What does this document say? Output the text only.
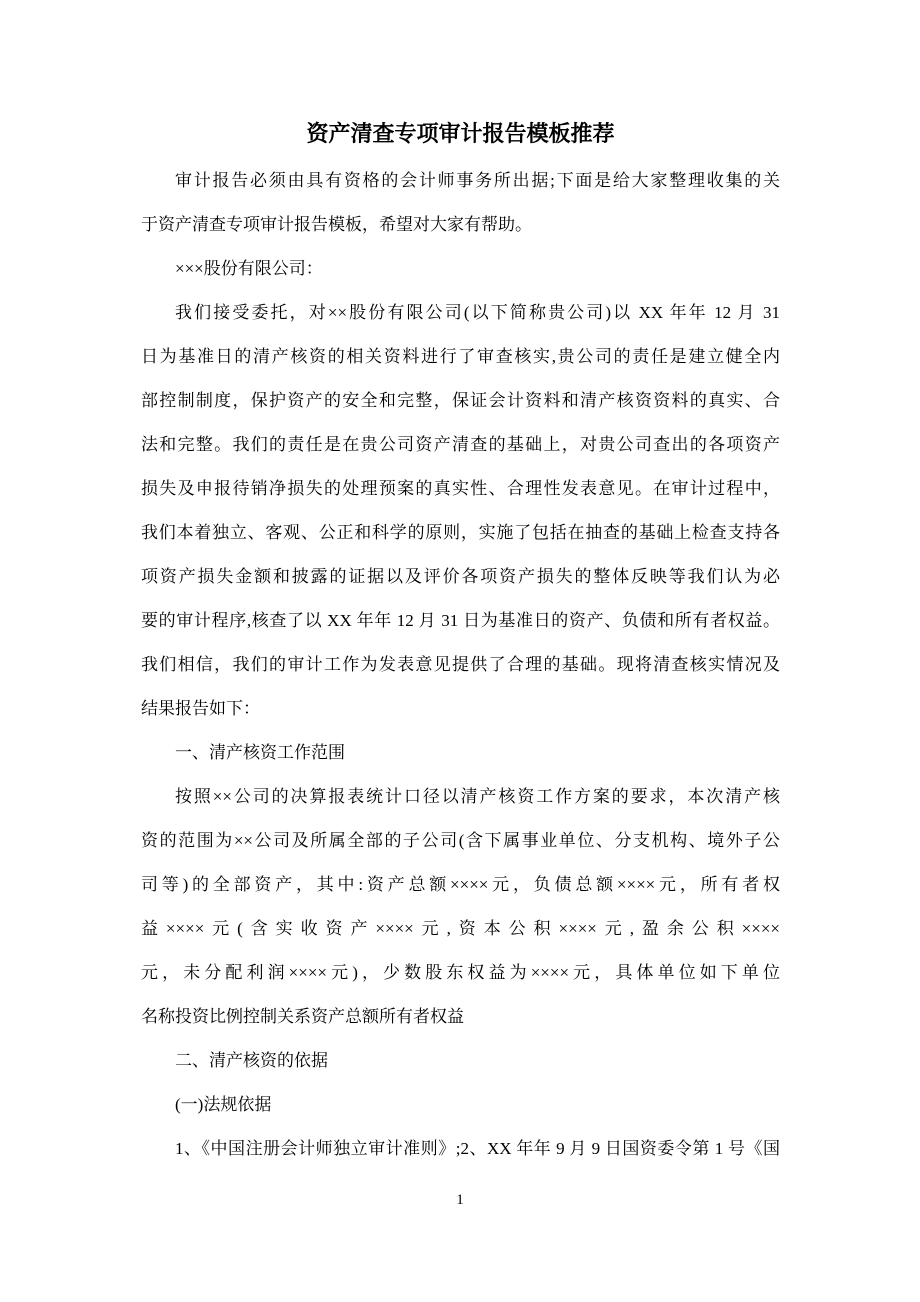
资产清查专项审计报告模板推荐
审计报告必须由具有资格的会计师事务所出据;下面是给大家整理收集的关
于资产清查专项审计报告模板，希望对大家有帮助。
×××股份有限公司：
我们接受委托，对××股份有限公司(以下简称贵公司)以 XX 年年 12 月 31
日为基准日的清产核资的相关资料进行了审查核实,贵公司的责任是建立健全内
部控制制度，保护资产的安全和完整，保证会计资料和清产核资资料的真实、合
法和完整。我们的责任是在贵公司资产清查的基础上，对贵公司查出的各项资产
损失及申报待销净损失的处理预案的真实性、合理性发表意见。在审计过程中，
我们本着独立、客观、公正和科学的原则，实施了包括在抽查的基础上检查支持各
项资产损失金额和披露的证据以及评价各项资产损失的整体反映等我们认为必
要的审计程序,核查了以 XX 年年 12 月 31 日为基准日的资产、负债和所有者权益。
我们相信，我们的审计工作为发表意见提供了合理的基础。现将清查核实情况及
结果报告如下：
一、清产核资工作范围
按照××公司的决算报表统计口径以清产核资工作方案的要求，本次清产核
资的范围为××公司及所属全部的子公司(含下属事业单位、分支机构、境外子公
司等)的全部资产，其中:资产总额××××元，负债总额××××元，所有者权
益××××元(含实收资产××××元,资本公积××××元,盈余公积××××
元，未分配利润××××元)，少数股东权益为××××元，具体单位如下单位
名称投资比例控制关系资产总额所有者权益
二、清产核资的依据
(一)法规依据
1、《中国注册会计师独立审计准则》;2、XX 年年 9 月 9 日国资委令第 1 号《国
1
